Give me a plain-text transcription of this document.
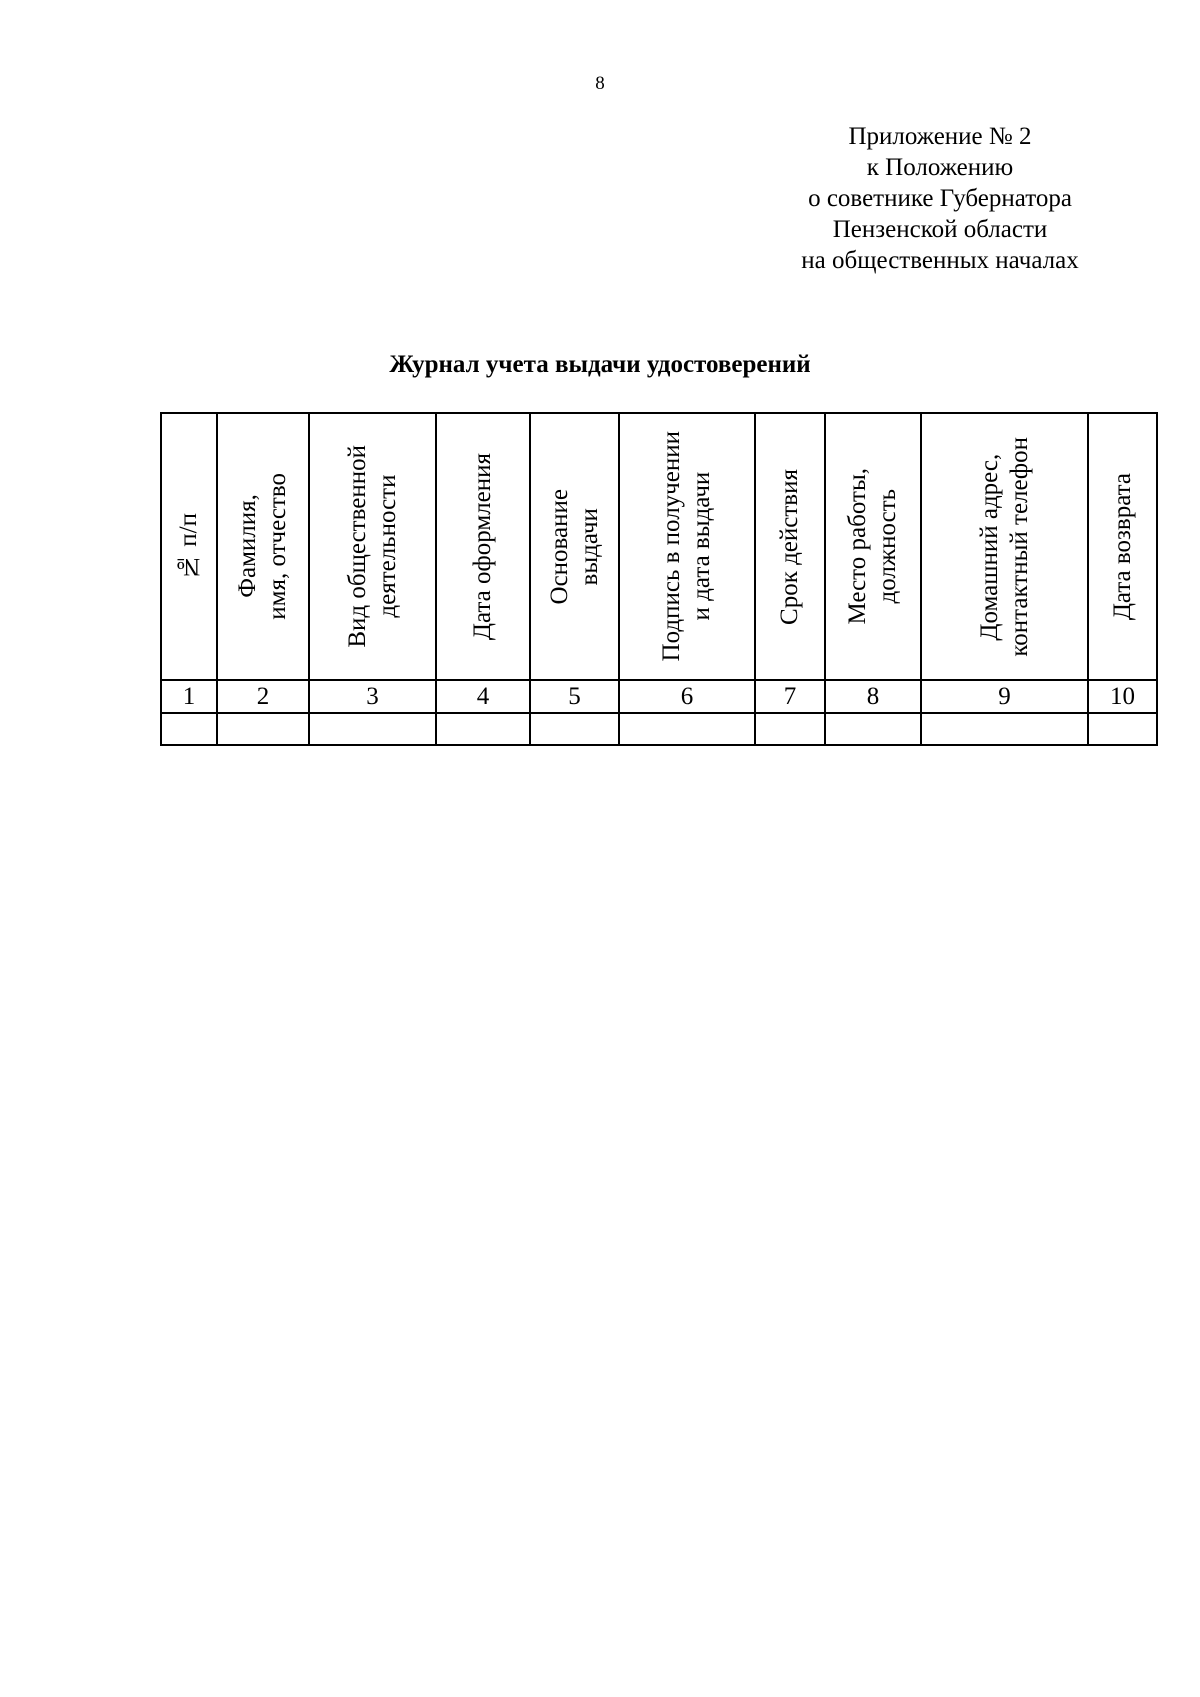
8
Приложение № 2
к Положению
о советнике Губернатора
Пензенской области
на общественных началах
Журнал учета выдачи удостоверений
№ п/п	Фамилия, имя, отчество	Вид общественной деятельности	Дата оформления	Основание выдачи	Подпись в получении и дата выдачи	Срок действия	Место работы, должность	Домашний адрес, контактный телефон	Дата возврата

1	2	3	4	5	6	7	8	9	10
